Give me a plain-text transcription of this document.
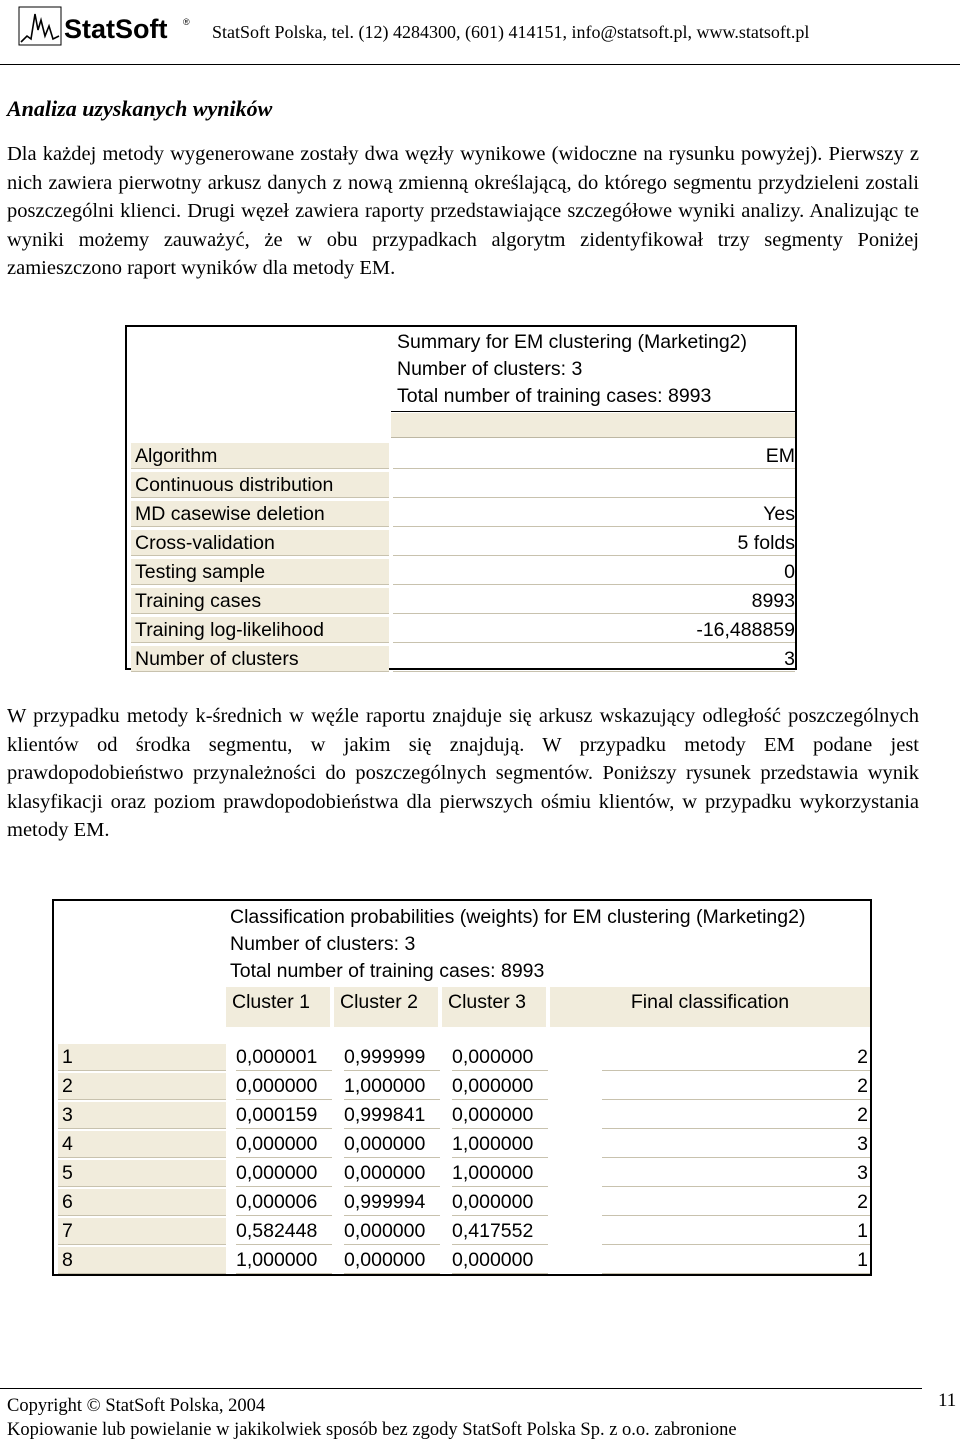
StatSoft ® StatSoft Polska, tel. (12) 4284300, (601) 414151, info@statsoft.pl, www.statsoft.pl
Analiza uzyskanych wyników
Dla każdej metody wygenerowane zostały dwa węzły wynikowe (widoczne na rysunku powyżej). Pierwszy z nich zawiera pierwotny arkusz danych z nową zmienną określającą, do którego segmentu przydzieleni zostali poszczególni klienci. Drugi węzeł zawiera raporty przedstawiające szczegółowe wyniki analizy. Analizując te wyniki możemy zauważyć, że w obu przypadkach algorytm zidentyfikował trzy segmenty Poniżej zamieszczono raport wyników dla metody EM.
Summary for EM clustering (Marketing2)
Number of clusters: 3
Total number of training cases: 8993
Algorithm	EM
Continuous distribution
MD casewise deletion	Yes
Cross-validation	5 folds
Testing sample	0
Training cases	8993
Training log-likelihood	-16,488859
Number of clusters	3
W przypadku metody k-średnich w węźle raportu znajduje się arkusz wskazujący odległość poszczególnych klientów od środka segmentu, w jakim się znajdują. W przypadku metody EM podane jest prawdopodobieństwo przynależności do poszczególnych segmentów. Poniższy rysunek przedstawia wynik klasyfikacji oraz poziom prawdopodobieństwa dla pierwszych ośmiu klientów, w przypadku wykorzystania metody EM.
Classification probabilities (weights) for EM clustering (Marketing2)
Number of clusters: 3
Total number of training cases: 8993
Cluster 1	Cluster 2	Cluster 3	Final classification
1	0,000001	0,999999	0,000000	2
2	0,000000	1,000000	0,000000	2
3	0,000159	0,999841	0,000000	2
4	0,000000	0,000000	1,000000	3
5	0,000000	0,000000	1,000000	3
6	0,000006	0,999994	0,000000	2
7	0,582448	0,000000	0,417552	1
8	1,000000	0,000000	0,000000	1
Copyright © StatSoft Polska, 2004
Kopiowanie lub powielanie w jakikolwiek sposób bez zgody StatSoft Polska Sp. z o.o. zabronione
11
